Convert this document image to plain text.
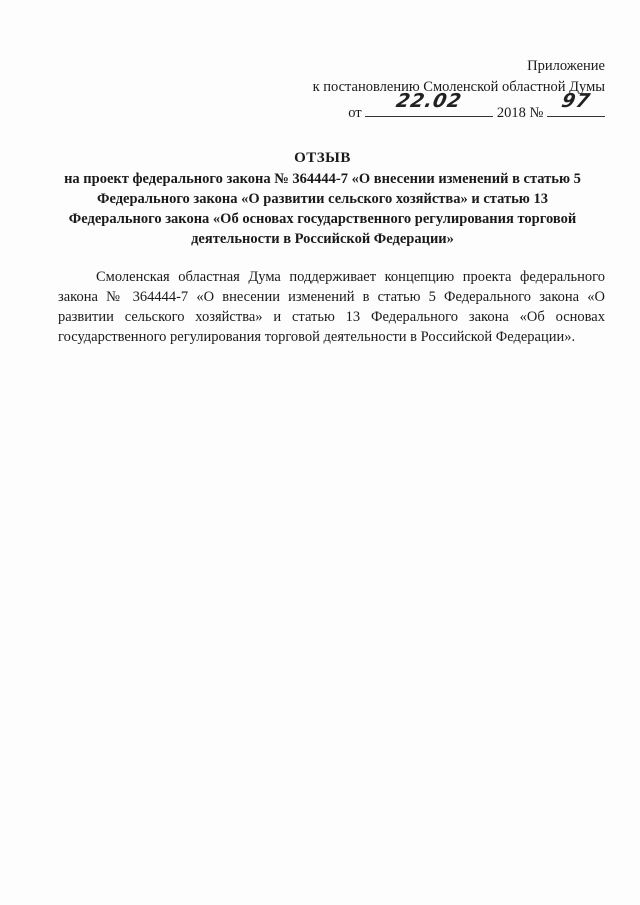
Приложение
к постановлению Смоленской областной Думы
от
22.02
2018 №
97
ОТЗЫВ
на проект федерального закона № 364444-7 «О внесении изменений в статью 5
Федерального закона «О развитии сельского хозяйства» и статью 13
Федерального закона «Об основах государственного регулирования торговой
деятельности в Российской Федерации»

Смоленская областная Дума поддерживает концепцию проекта федерального закона № 364444-7 «О внесении изменений в статью 5 Федерального закона «О развитии сельского хозяйства» и статью 13 Федерального закона «Об основах государственного регулирования торговой деятельности в Российской Федерации».
